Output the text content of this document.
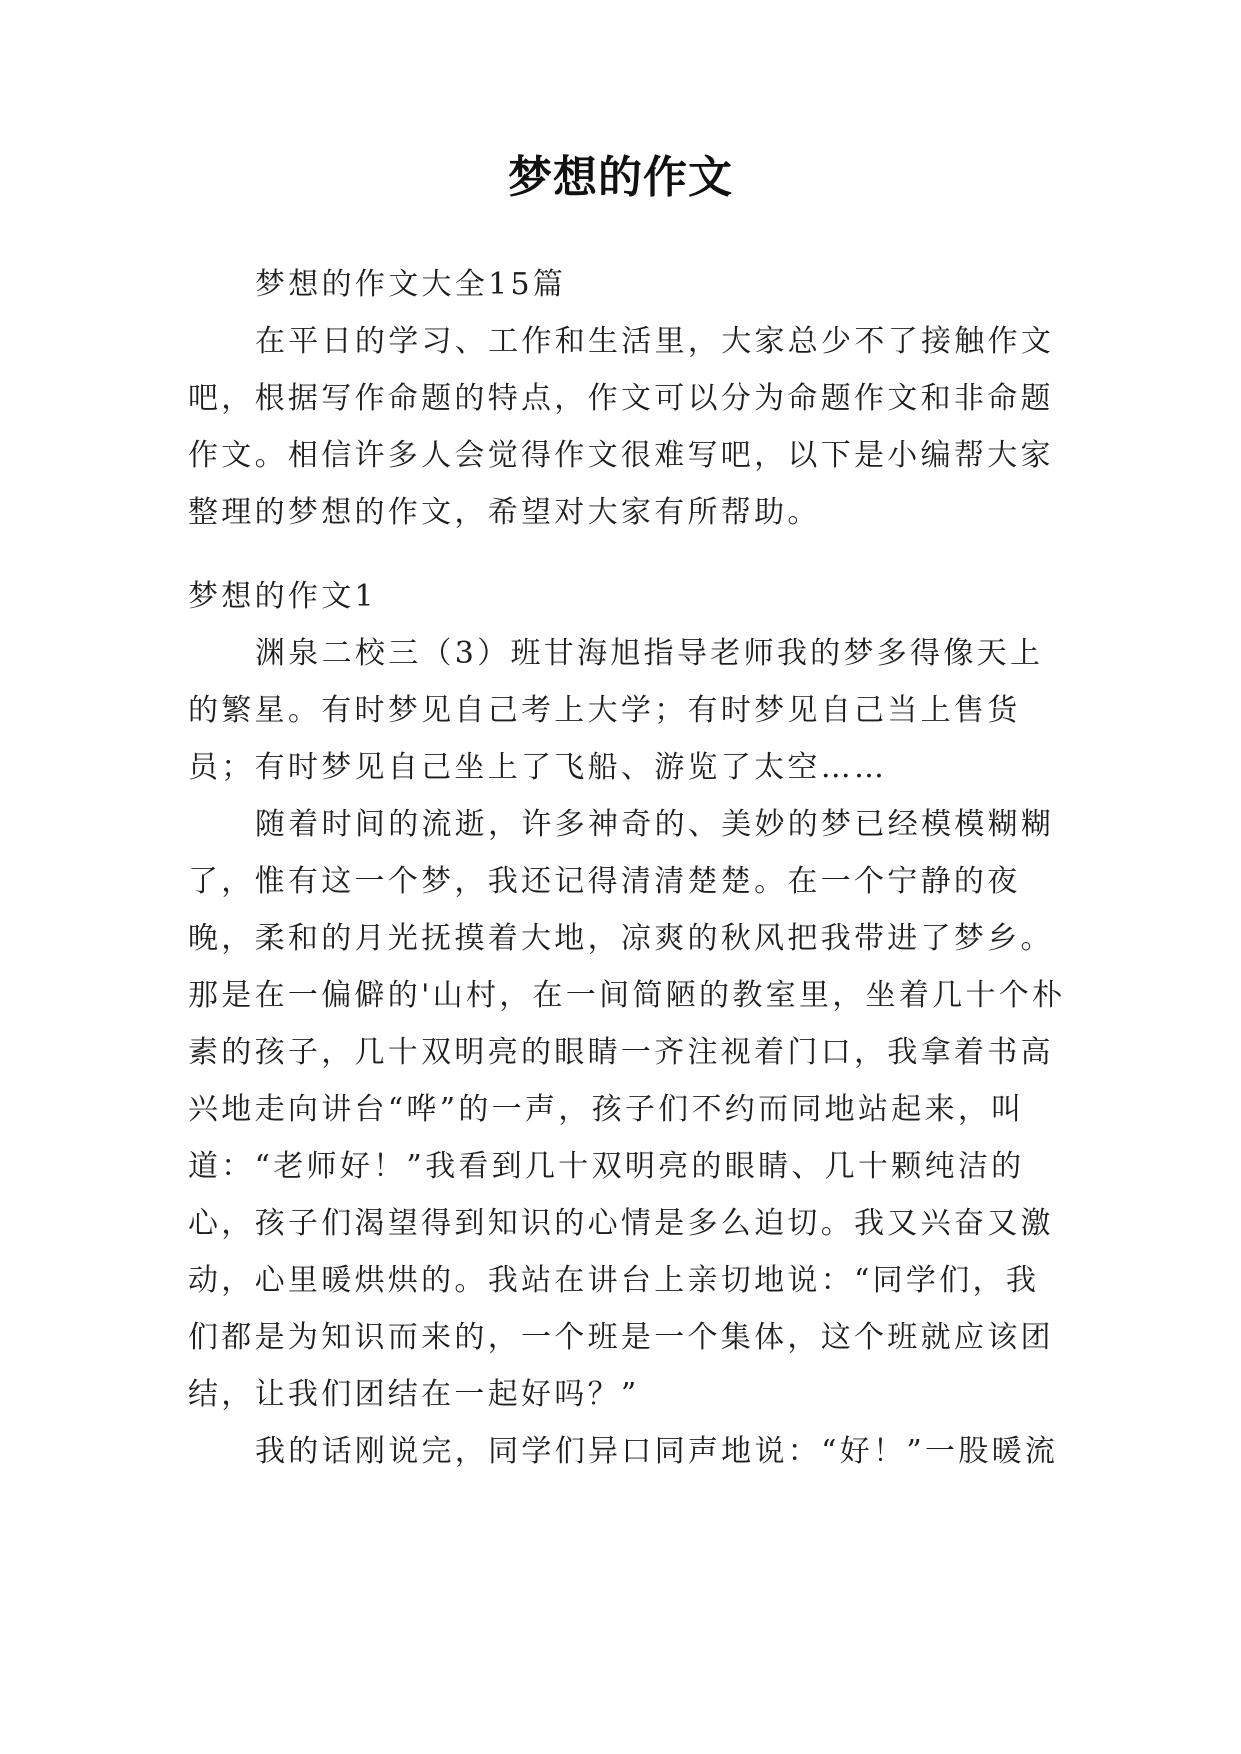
梦想的作文

梦想的作文大全15篇

在平日的学习、工作和生活里，大家总少不了接触作文吧，根据写作命题的特点，作文可以分为命题作文和非命题作文。相信许多人会觉得作文很难写吧，以下是小编帮大家整理的梦想的作文，希望对大家有所帮助。

梦想的作文1

渊泉二校三（3）班甘海旭指导老师我的梦多得像天上的繁星。有时梦见自己考上大学；有时梦见自己当上售货员；有时梦见自己坐上了飞船、游览了太空……

随着时间的流逝，许多神奇的、美妙的梦已经模模糊糊了，惟有这一个梦，我还记得清清楚楚。在一个宁静的夜晚，柔和的月光抚摸着大地，凉爽的秋风把我带进了梦乡。那是在一偏僻的'山村，在一间简陋的教室里，坐着几十个朴素的孩子，几十双明亮的眼睛一齐注视着门口，我拿着书高兴地走向讲台“哗”的一声，孩子们不约而同地站起来，叫道：“老师好！”我看到几十双明亮的眼睛、几十颗纯洁的心，孩子们渴望得到知识的心情是多么迫切。我又兴奋又激动，心里暖烘烘的。我站在讲台上亲切地说：“同学们，我们都是为知识而来的，一个班是一个集体，这个班就应该团结，让我们团结在一起好吗？”

我的话刚说完，同学们异口同声地说：“好！”一股暖流
